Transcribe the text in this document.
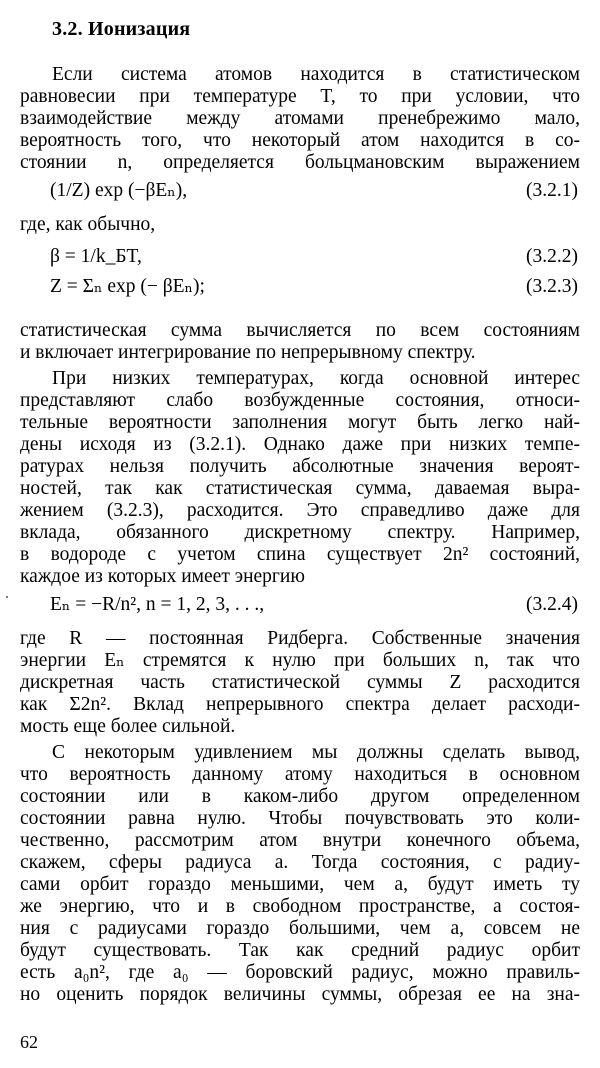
3.2. Ионизация
Если система атомов находится в статистическом
равновесии при температуре T, то при условии, что
взаимодействие между атомами пренебрежимо мало,
вероятность того, что некоторый атом находится в со-
стоянии n, определяется больцмановским выражением
(1/Z) exp (−βEₙ),	(3.2.1)
где, как обычно,
β = 1/k_БT,	(3.2.2)
Z = Σₙ exp (− βEₙ);	(3.2.3)
статистическая сумма вычисляется по всем состояниям
и включает интегрирование по непрерывному спектру.
При низких температурах, когда основной интерес
представляют слабо возбужденные состояния, относи-
тельные вероятности заполнения могут быть легко най-
дены исходя из (3.2.1). Однако даже при низких темпе-
ратурах нельзя получить абсолютные значения вероят-
ностей, так как статистическая сумма, даваемая выра-
жением (3.2.3), расходится. Это справедливо даже для
вклада, обязанного дискретному спектру. Например,
в водороде с учетом спина существует 2n² состояний,
каждое из которых имеет энергию
Eₙ = −R/n², n = 1, 2, 3, . . .,	(3.2.4)
где R — постоянная Ридберга. Собственные значения
энергии Eₙ стремятся к нулю при больших n, так что
дискретная часть статистической суммы Z расходится
как Σ2n². Вклад непрерывного спектра делает расходи-
мость еще более сильной.
С некоторым удивлением мы должны сделать вывод,
что вероятность данному атому находиться в основном
состоянии или в каком-либо другом определенном
состоянии равна нулю. Чтобы почувствовать это коли-
чественно, рассмотрим атом внутри конечного объема,
скажем, сферы радиуса a. Тогда состояния, с радиу-
сами орбит гораздо меньшими, чем a, будут иметь ту
же энергию, что и в свободном пространстве, а состоя-
ния с радиусами гораздо большими, чем a, совсем не
будут существовать. Так как средний радиус орбит
есть a₀n², где a₀ — боровский радиус, можно правиль-
но оценить порядок величины суммы, обрезая ее на зна-
62
